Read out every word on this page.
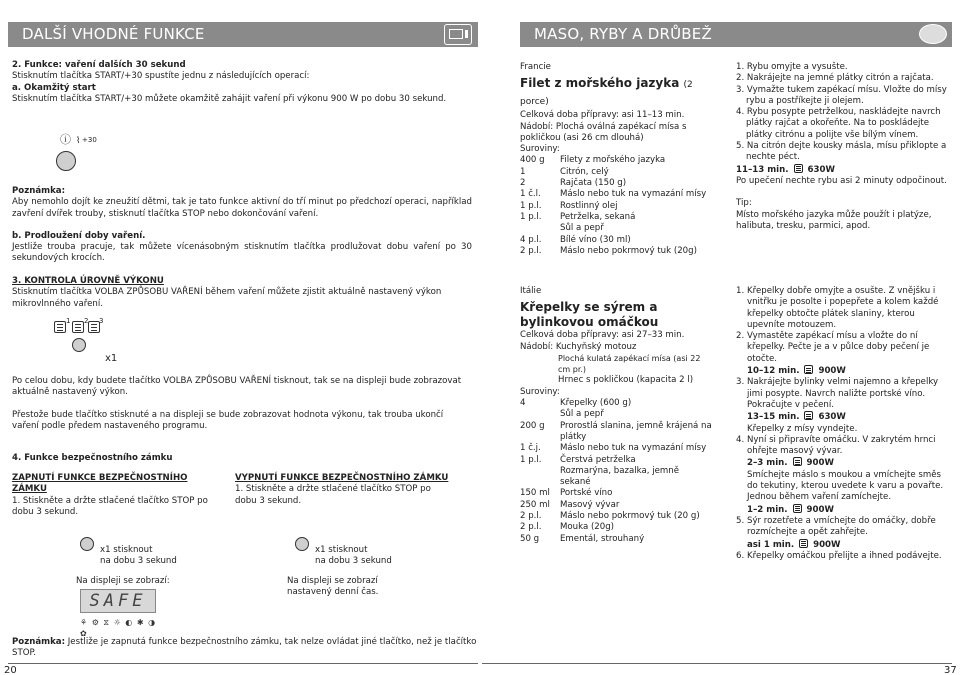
DALŠÍ VHODNÉ FUNKCE
2. Funkce: vaření dalších 30 sekund
Stisknutím tlačítka START/+30 spustíte jednu z následujících operací:
a. Okamžitý start
Stisknutím tlačítka START/+30 můžete okamžitě zahájit vaření při výkonu 900 W po dobu 30 sekund.
ⓘ ⌇ +30
Poznámka:
Aby nemohlo dojít ke zneužití dětmi, tak je tato funkce aktivní do tří minut po předchozí operaci, například zavření dvířek trouby, stisknutí tlačítka STOP nebo dokončování vaření.
b. Prodloužení doby vaření.
Jestliže trouba pracuje, tak můžete vícenásobným stisknutím tlačítka prodlužovat dobu vaření po 30 sekundových krocích.
3. KONTROLA ÚROVNĚ VÝKONU
Stisknutím tlačítka VOLBA ZPŮSOBU VAŘENÍ během vaření můžete zjistit aktuálně nastavený výkon mikrovlnného vaření.
1 2 3
x1
Po celou dobu, kdy budete tlačítko VOLBA ZPŮSOBU VAŘENÍ tisknout, tak se na displeji bude zobrazovat aktuálně nastavený výkon.
Přestože bude tlačítko stisknuté a na displeji se bude zobrazovat hodnota výkonu, tak trouba ukončí vaření podle předem nastaveného programu.
4. Funkce bezpečnostního zámku
ZAPNUTÍ FUNKCE BEZPEČNOSTNÍHO ZÁMKU
1. Stiskněte a držte stlačené tlačítko STOP po dobu 3 sekund.
VYPNUTÍ FUNKCE BEZPEČNOSTNÍHO ZÁMKU
1. Stiskněte a držte stlačené tlačítko STOP po dobu 3 sekund.
x1 stisknout
na dobu 3 sekund
x1 stisknout
na dobu 3 sekund
Na displeji se zobrazí:
SAFE
⚘ ⚙ ⧖ ☼ ◐ ✱ ◑ ✿
Na displeji se zobrazí
nastavený denní čas.
Poznámka: Jestliže je zapnutá funkce bezpečnostního zámku, tak nelze ovládat jiné tlačítko, než je tlačítko STOP.
20
MASO, RYBY A DRŮBEŽ
Francie
Filet z mořského jazyka (2 porce)
Celková doba přípravy: asi 11–13 min.
Nádobí: Plochá oválná zapékací mísa s pokličkou (asi 26 cm dlouhá)
Suroviny:
400 g	Filety z mořského jazyka
1	Citrón, celý
2	Rajčata (150 g)
1 č.l.	Máslo nebo tuk na vymazání mísy
1 p.l.	Rostlinný olej
1 p.l.	Petrželka, sekaná
Sůl a pepř
4 p.l.	Bílé víno (30 ml)
2 p.l.	Máslo nebo pokrmový tuk (20g)
1. Rybu omyjte a vysušte.
2. Nakrájejte na jemné plátky citrón a rajčata.
3. Vymažte tukem zapékací mísu. Vložte do mísy rybu a postříkejte ji olejem.
4. Rybu posypte petrželkou, naskládejte navrch plátky rajčat a okořeňte. Na to poskládejte plátky citrónu a polijte vše bílým vínem.
5. Na citrón dejte kousky másla, mísu přiklopte a nechte péct.
11–13 min. 630W
Po upečení nechte rybu asi 2 minuty odpočinout.
Tip:
Místo mořského jazyka může použít i platýze, halibuta, tresku, parmici, apod.
Itálie
Křepelky se sýrem a bylinkovou omáčkou
Celková doba přípravy: asi 27–33 min.
Nádobí: Kuchyňský motouz
Plochá kulatá zapékací mísa (asi 22 cm pr.)
Hrnec s pokličkou (kapacita 2 l)
Suroviny:
4	Křepelky (600 g)
Sůl a pepř
200 g	Prorostlá slanina, jemně krájená na plátky
1 č.j.	Máslo nebo tuk na vymazání mísy
1 p.l.	Čerstvá petrželka
Rozmarýna, bazalka, jemně sekané
150 ml	Portské víno
250 ml	Masový vývar
2 p.l.	Máslo nebo pokrmový tuk (20 g)
2 p.l.	Mouka (20g)
50 g	Ementál, strouhaný
1. Křepelky dobře omyjte a osušte. Z vnějšku i vnitřku je posolte i popepřete a kolem každé křepelky obtočte plátek slaniny, kterou upevníte motouzem.
2. Vymastěte zapékací mísu a vložte do ní křepelky. Pečte je a v půlce doby pečení je otočte.
10–12 min.  900W
3. Nakrájejte bylinky velmi najemno a křepelky jimi posypte. Navrch naližte portské víno. Pokračujte v pečení.
13–15 min.  630W
Křepelky z mísy vyndejte.
4. Nyní si připravíte omáčku. V zakrytém hrnci ohřejte masový vývar.
2–3 min.  900W
Smíchejte máslo s moukou a vmíchejte směs do tekutiny, kterou uvedete k varu a povařte. Jednou během vaření zamíchejte.
1–2 min.  900W
5. Sýr rozetřete a vmíchejte do omáčky, dobře rozmíchejte a opět zahřejte.
asi 1 min.  900W
6. Křepelky omáčkou přelijte a ihned podávejte.
37
